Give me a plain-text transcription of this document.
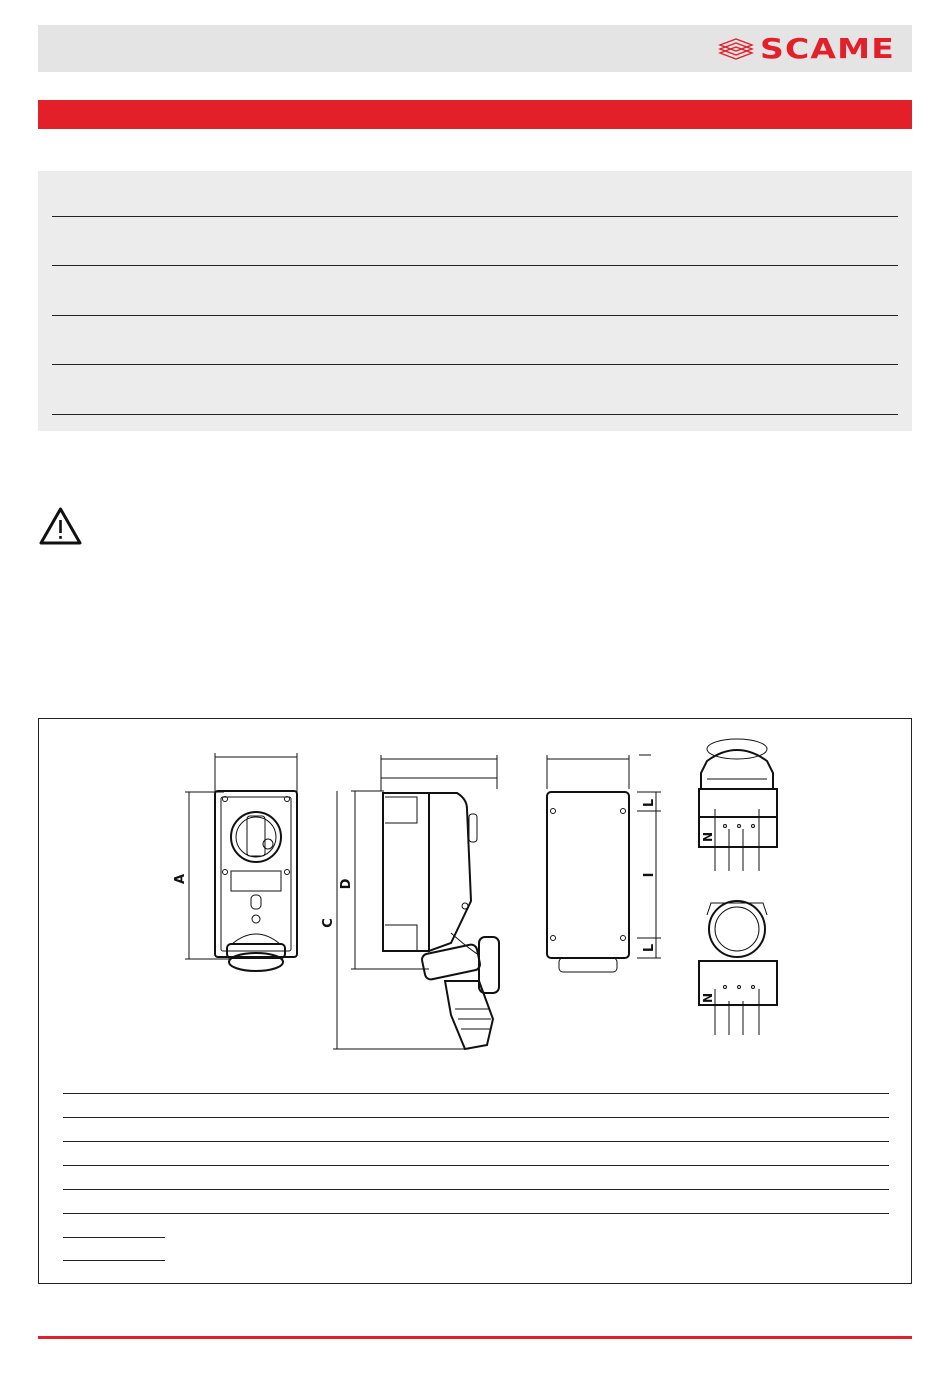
SCAME
A
C
D
L
I
L
N
N
